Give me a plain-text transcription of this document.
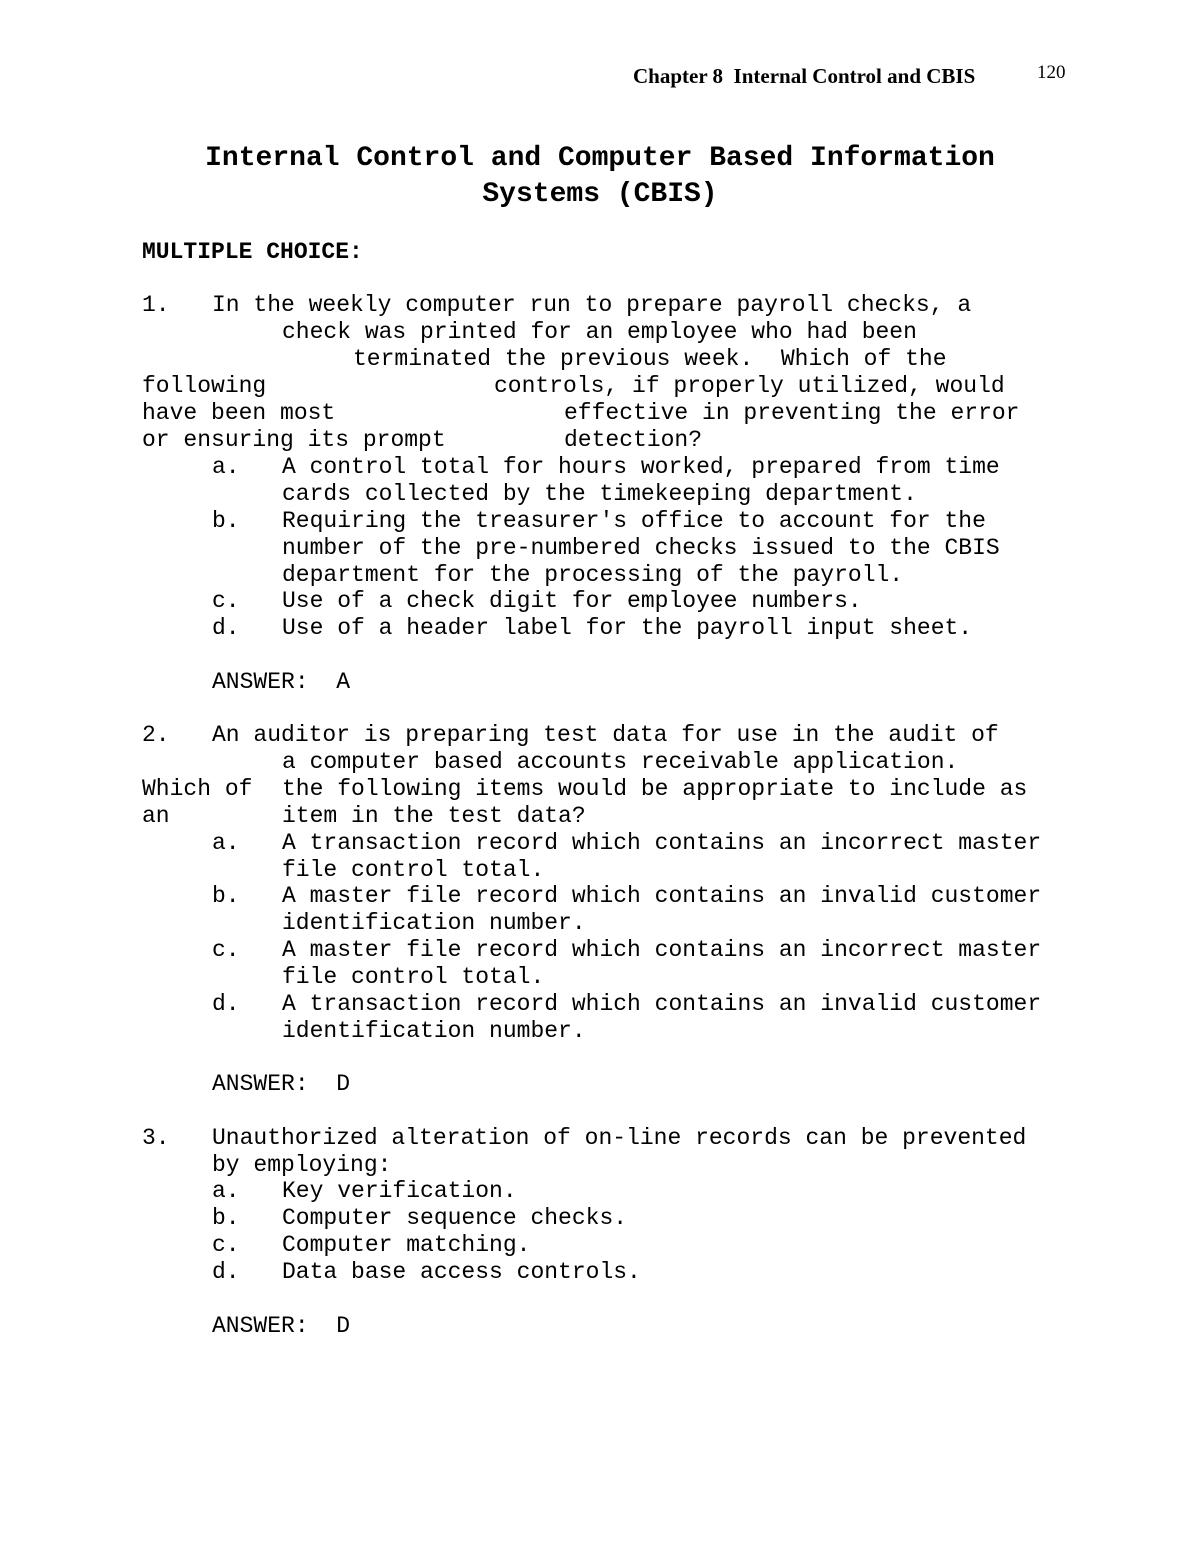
Chapter 8  Internal Control and CBIS	120
Internal Control and Computer Based Information
Systems (CBIS)
MULTIPLE CHOICE:
1. In the weekly computer run to prepare payroll checks, a
check was printed for an employee who had been
terminated the previous week.  Which of the
following	controls, if properly utilized, would
have been most	effective in preventing the error
or ensuring its prompt	detection?
a. A control total for hours worked, prepared from time
cards collected by the timekeeping department.
b. Requiring the treasurer's office to account for the
number of the pre-numbered checks issued to the CBIS
department for the processing of the payroll.
c. Use of a check digit for employee numbers.
d. Use of a header label for the payroll input sheet.
ANSWER:  A
2. An auditor is preparing test data for use in the audit of
a computer based accounts receivable application.
Which of the following items would be appropriate to include as
an	item in the test data?
a. A transaction record which contains an incorrect master
file control total.
b. A master file record which contains an invalid customer
identification number.
c. A master file record which contains an incorrect master
file control total.
d. A transaction record which contains an invalid customer
identification number.
ANSWER:  D
3. Unauthorized alteration of on-line records can be prevented
by employing:
a. Key verification.
b. Computer sequence checks.
c. Computer matching.
d. Data base access controls.
ANSWER:  D
